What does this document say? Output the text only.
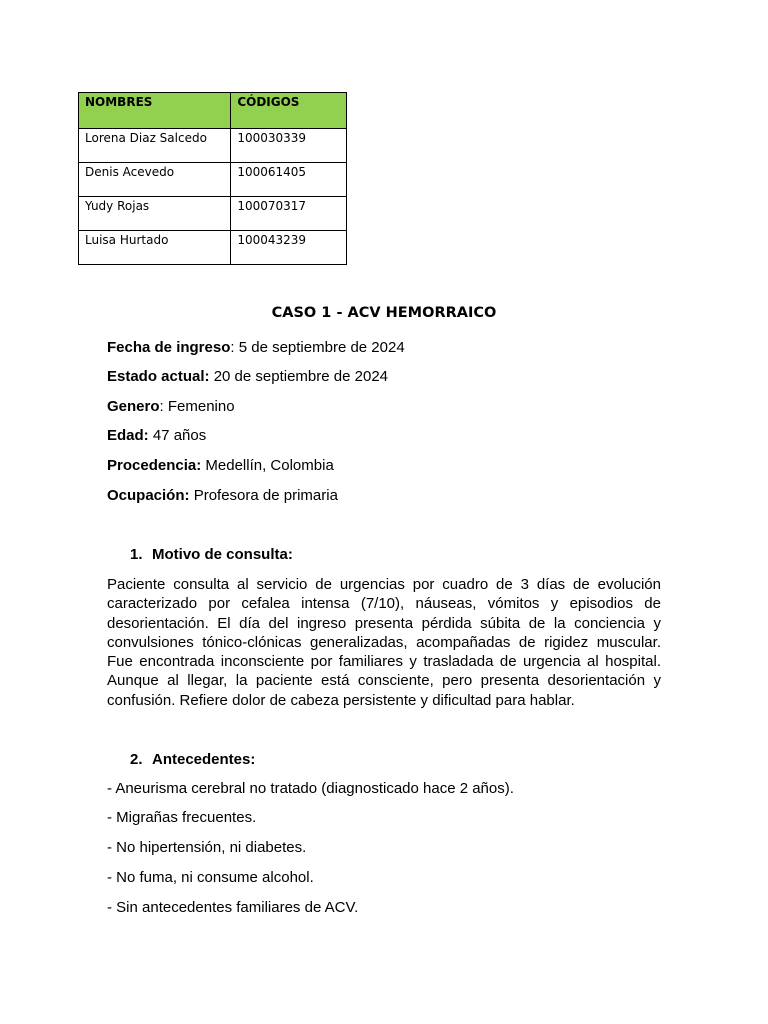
NOMBRES	CÓDIGOS
Lorena Diaz Salcedo	100030339
Denis Acevedo	100061405
Yudy Rojas	100070317
Luisa Hurtado	100043239
CASO 1 - ACV HEMORRAICO
Fecha de ingreso: 5 de septiembre de 2024
Estado actual: 20 de septiembre de 2024
Genero: Femenino
Edad: 47 años
Procedencia: Medellín, Colombia
Ocupación: Profesora de primaria
1. Motivo de consulta:
Paciente consulta al servicio de urgencias por cuadro de 3 días de evolución caracterizado por cefalea intensa (7/10), náuseas, vómitos y episodios de desorientación. El día del ingreso presenta pérdida súbita de la conciencia y convulsiones tónico-clónicas generalizadas, acompañadas de rigidez muscular. Fue encontrada inconsciente por familiares y trasladada de urgencia al hospital. Aunque al llegar, la paciente está consciente, pero presenta desorientación y confusión. Refiere dolor de cabeza persistente y dificultad para hablar.
2. Antecedentes:
- Aneurisma cerebral no tratado (diagnosticado hace 2 años).
- Migrañas frecuentes.
- No hipertensión, ni diabetes.
- No fuma, ni consume alcohol.
- Sin antecedentes familiares de ACV.
